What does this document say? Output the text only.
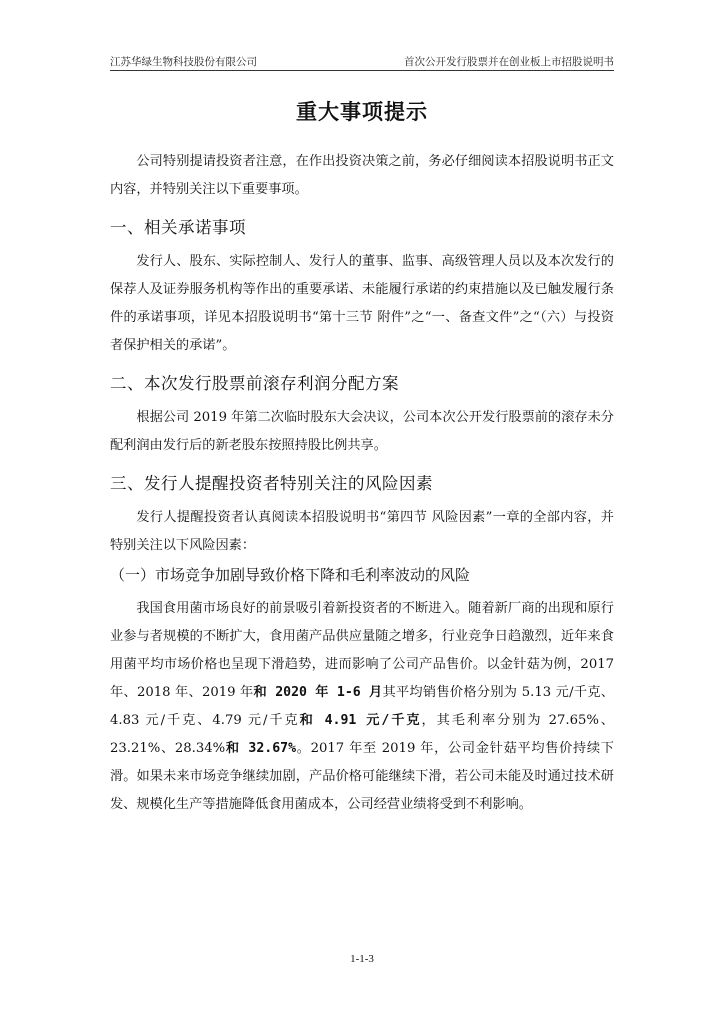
江苏华绿生物科技股份有限公司	首次公开发行股票并在创业板上市招股说明书
重大事项提示

公司特别提请投资者注意，在作出投资决策之前，务必仔细阅读本招股说明书正文内容，并特别关注以下重要事项。

一、相关承诺事项

发行人、股东、实际控制人、发行人的董事、监事、高级管理人员以及本次发行的保荐人及证券服务机构等作出的重要承诺、未能履行承诺的约束措施以及已触发履行条件的承诺事项，详见本招股说明书“第十三节 附件”之“一、备查文件”之“（六）与投资者保护相关的承诺”。

二、本次发行股票前滚存利润分配方案

根据公司 2019 年第二次临时股东大会决议，公司本次公开发行股票前的滚存未分配利润由发行后的新老股东按照持股比例共享。

三、发行人提醒投资者特别关注的风险因素

发行人提醒投资者认真阅读本招股说明书“第四节 风险因素”一章的全部内容，并特别关注以下风险因素：

（一）市场竞争加剧导致价格下降和毛利率波动的风险

我国食用菌市场良好的前景吸引着新投资者的不断进入。随着新厂商的出现和原行业参与者规模的不断扩大，食用菌产品供应量随之增多，行业竞争日趋激烈，近年来食用菌平均市场价格也呈现下滑趋势，进而影响了公司产品售价。以金针菇为例，2017 年、2018 年、2019 年和 2020 年 1-6 月其平均销售价格分别为 5.13 元/千克、4.83 元/千克、4.79 元/千克和 4.91 元/千克，其毛利率分别为 27.65%、23.21%、28.34%和 32.67%。2017 年至 2019 年，公司金针菇平均售价持续下滑。如果未来市场竞争继续加剧，产品价格可能继续下滑，若公司未能及时通过技术研发、规模化生产等措施降低食用菌成本，公司经营业绩将受到不利影响。

1-1-3
